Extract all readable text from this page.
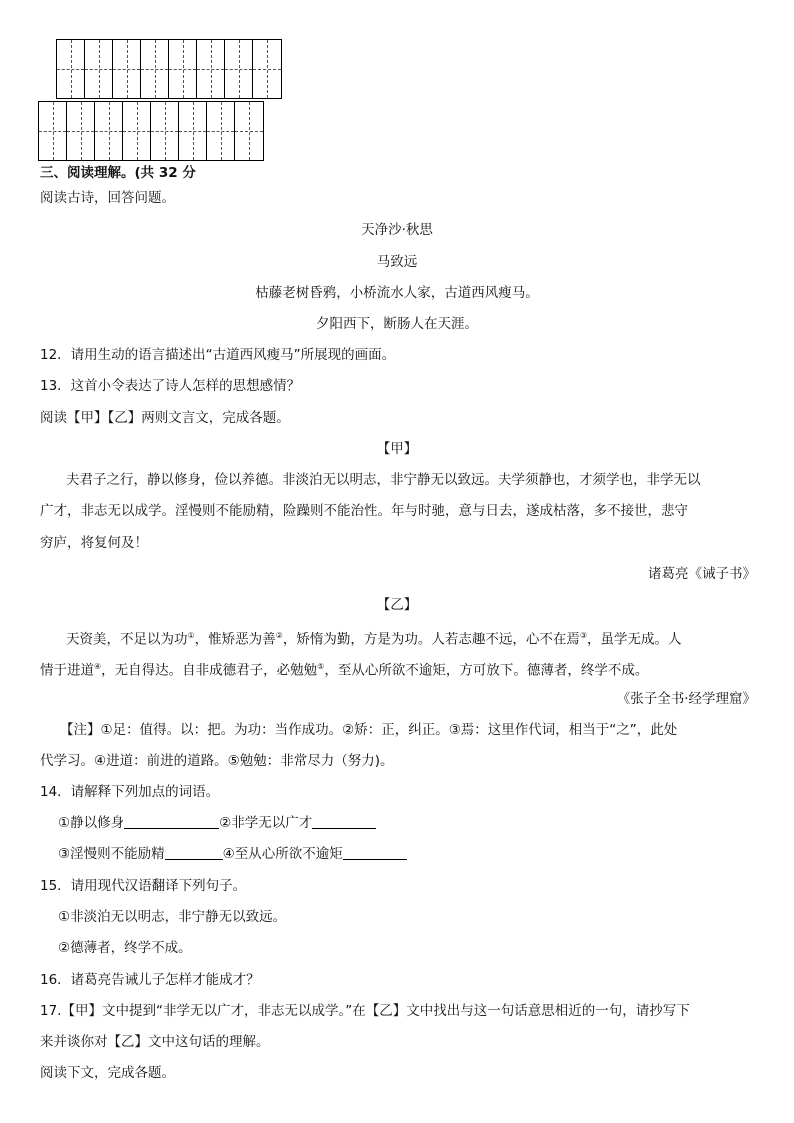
三、阅读理解。(共 32 分
阅读古诗，回答问题。
天净沙·秋思
马致远
枯藤老树昏鸦，小桥流水人家，古道西风瘦马。
夕阳西下，断肠人在天涯。
12．请用生动的语言描述出“古道西风瘦马”所展现的画面。
13．这首小令表达了诗人怎样的思想感情？
阅读【甲】【乙】两则文言文，完成各题。
【甲】
夫君子之行，静以修身，俭以养德。非淡泊无以明志，非宁静无以致远。夫学须静也，才须学也，非学无以
广才，非志无以成学。淫慢则不能励精，险躁则不能治性。年与时驰，意与日去，遂成枯落，多不接世，悲守
穷庐，将复何及！
诸葛亮《诫子书》
【乙】
天资美，不足以为功①，惟矫恶为善②，矫惰为勤，方是为功。人若志趣不远，心不在焉③，虽学无成。人
情于进道④，无自得达。自非成德君子，必勉勉⑤，至从心所欲不逾矩，方可放下。德薄者，终学不成。
《张子全书·经学理窟》
【注】①足：值得。以：把。为功：当作成功。②矫：正，纠正。③焉：这里作代词，相当于“之”，此处
代学习。④进道：前进的道路。⑤勉勉：非常尽力（努力)。
14．请解释下列加点的词语。
①静以修身	②非学无以广才
③淫慢则不能励精	④至从心所欲不逾矩
15．请用现代汉语翻译下列句子。
①非淡泊无以明志，非宁静无以致远。
②德薄者，终学不成。
16．诸葛亮告诫儿子怎样才能成才？
17.【甲】文中提到“非学无以广才，非志无以成学。”在【乙】文中找出与这一句话意思相近的一句，请抄写下
来并谈你对【乙】文中这句话的理解。
阅读下文，完成各题。
